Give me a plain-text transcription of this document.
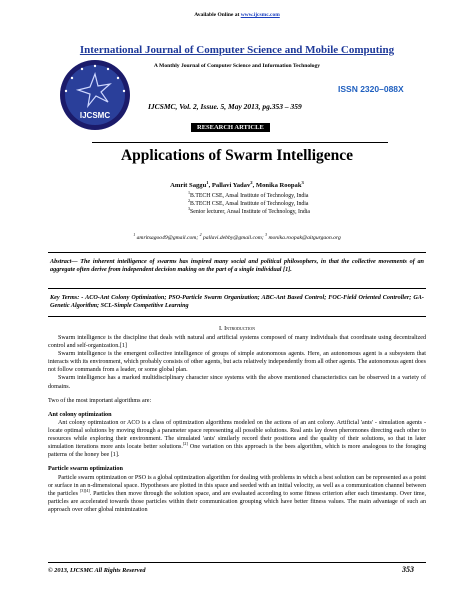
Available Online at www.ijcsmc.com
International Journal of Computer Science and Mobile Computing
A Monthly Journal of Computer Science and Information Technology
IJCSMC
ISSN 2320–088X
IJCSMC, Vol. 2, Issue. 5, May 2013, pg.353 – 359
RESEARCH ARTICLE
Applications of Swarm Intelligence
Amrit Saggu$^1$, Pallavi Yadav$^2$, Monika Roopak$^3$
$^1$B.TECH CSE, Ansal Institute of Technology, India
$^2$B.TECH CSE, Ansal Institute of Technology, India
$^3$Senior lecturer, Ansal Institute of Technology, India
$^1$ amritsagoo49@gmail.com; $^2$ pallavi.debby@gmail.com; $^3$ monika.roopak@aitgurgaon.org
Abstract— The inherent intelligence of swarms has inspired many social and political philosophers, in that the collective movements of an aggregate often derive from independent decision making on the part of a single individual [1].
Key Terms: - ACO-Ant Colony Optimization; PSO-Particle Swarm Organization; ABC-Ant Based Control; FOC-Field Oriented Controller; GA-Genetic Algorithm; SCL-Simple Competitive Learning
I. Introduction

Swarm intelligence is the discipline that deals with natural and artificial systems composed of many individuals that coordinate using decentralized control and self-organization.[1]

Swarm intelligence is the emergent collective intelligence of groups of simple autonomous agents. Here, an autonomous agent is a subsystem that interacts with its environment, which probably consists of other agents, but acts relatively independently from all other agents. The autonomous agent does not follow commands from a leader, or some global plan.

Swarm intelligence has a marked multidisciplinary character since systems with the above mentioned characteristics can be observed in a variety of domains.

Two of the most important algorithms are:

Ant colony optimization

Ant colony optimization or ACO is a class of optimization algorithms modeled on the actions of an ant colony. Artificial 'ants' - simulation agents - locate optimal solutions by moving through a parameter space representing all possible solutions. Real ants lay down pheromones directing each other to resources while exploring their environment. The simulated 'ants' similarly record their positions and the quality of their solutions, so that in later simulation iterations more ants locate better solutions.[2] One variation on this approach is the bees algorithm, which is more analogous to the foraging patterns of the honey bee [1].

Particle swarm optimization

Particle swarm optimization or PSO is a global optimization algorithm for dealing with problems in which a best solution can be represented as a point or surface in an n-dimensional space. Hypotheses are plotted in this space and seeded with an initial velocity, as well as a communication channel between the particles [3][4]. Particles then move through the solution space, and are evaluated according to some fitness criterion after each timestamp. Over time, particles are accelerated towards those particles within their communication grouping which have better fitness values. The main advantage of such an approach over other global minimization

© 2013, IJCSMC All Rights Reserved	353
